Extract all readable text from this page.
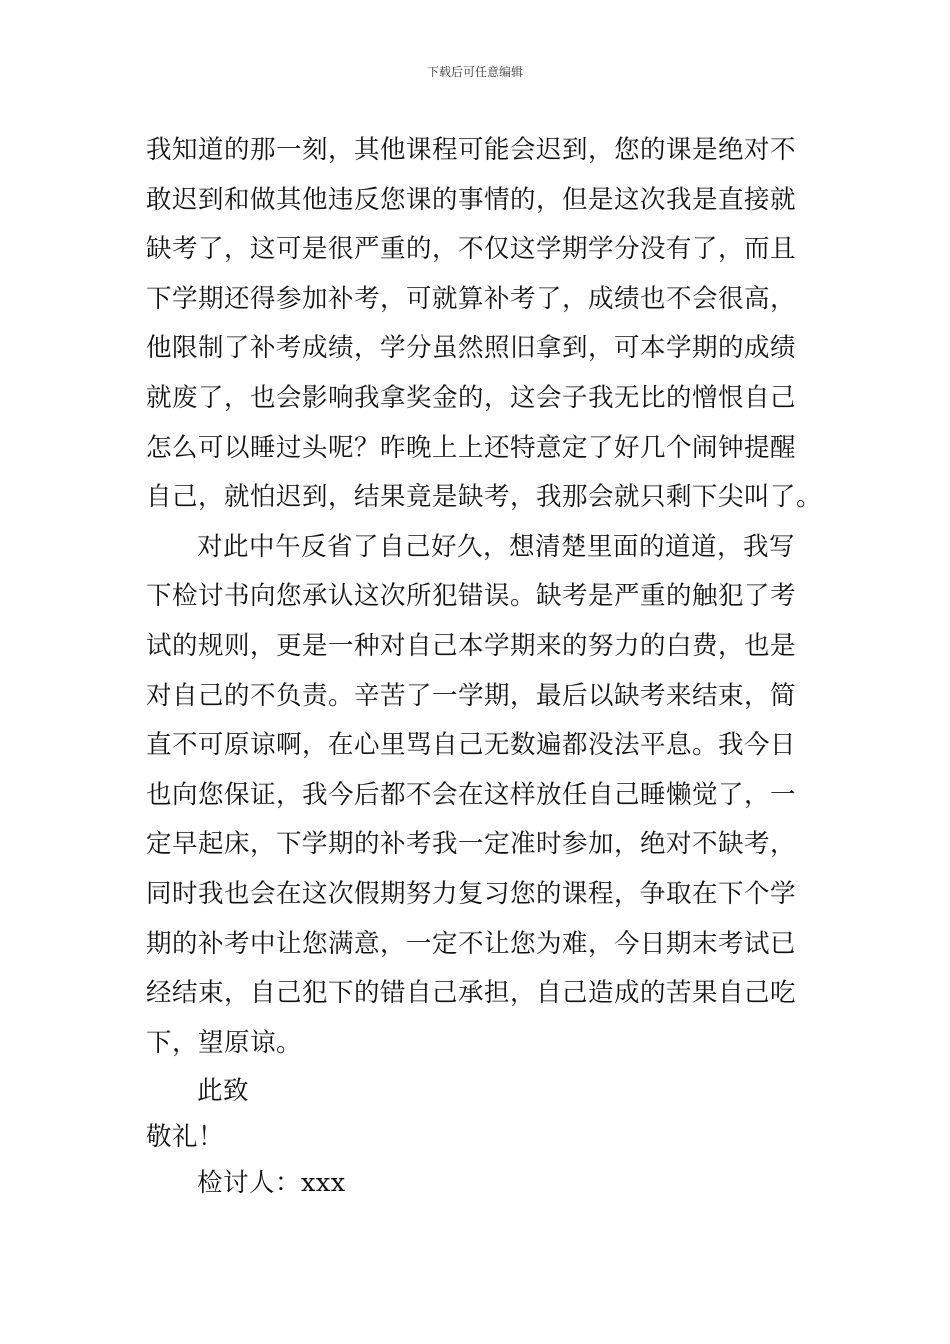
下载后可任意编辑
我知道的那一刻，其他课程可能会迟到，您的课是绝对不
敢迟到和做其他违反您课的事情的，但是这次我是直接就
缺考了，这可是很严重的，不仅这学期学分没有了，而且
下学期还得参加补考，可就算补考了，成绩也不会很高，
他限制了补考成绩，学分虽然照旧拿到，可本学期的成绩
就废了，也会影响我拿奖金的，这会子我无比的憎恨自己
怎么可以睡过头呢？昨晚上上还特意定了好几个闹钟提醒
自己，就怕迟到，结果竟是缺考，我那会就只剩下尖叫了。
对此中午反省了自己好久，想清楚里面的道道，我写
下检讨书向您承认这次所犯错误。缺考是严重的触犯了考
试的规则，更是一种对自己本学期来的努力的白费，也是
对自己的不负责。辛苦了一学期，最后以缺考来结束，简
直不可原谅啊，在心里骂自己无数遍都没法平息。我今日
也向您保证，我今后都不会在这样放任自己睡懒觉了，一
定早起床，下学期的补考我一定准时参加，绝对不缺考，
同时我也会在这次假期努力复习您的课程，争取在下个学
期的补考中让您满意，一定不让您为难，今日期末考试已
经结束，自己犯下的错自己承担，自己造成的苦果自己吃
下，望原谅。
此致
敬礼！
检讨人：xxx
